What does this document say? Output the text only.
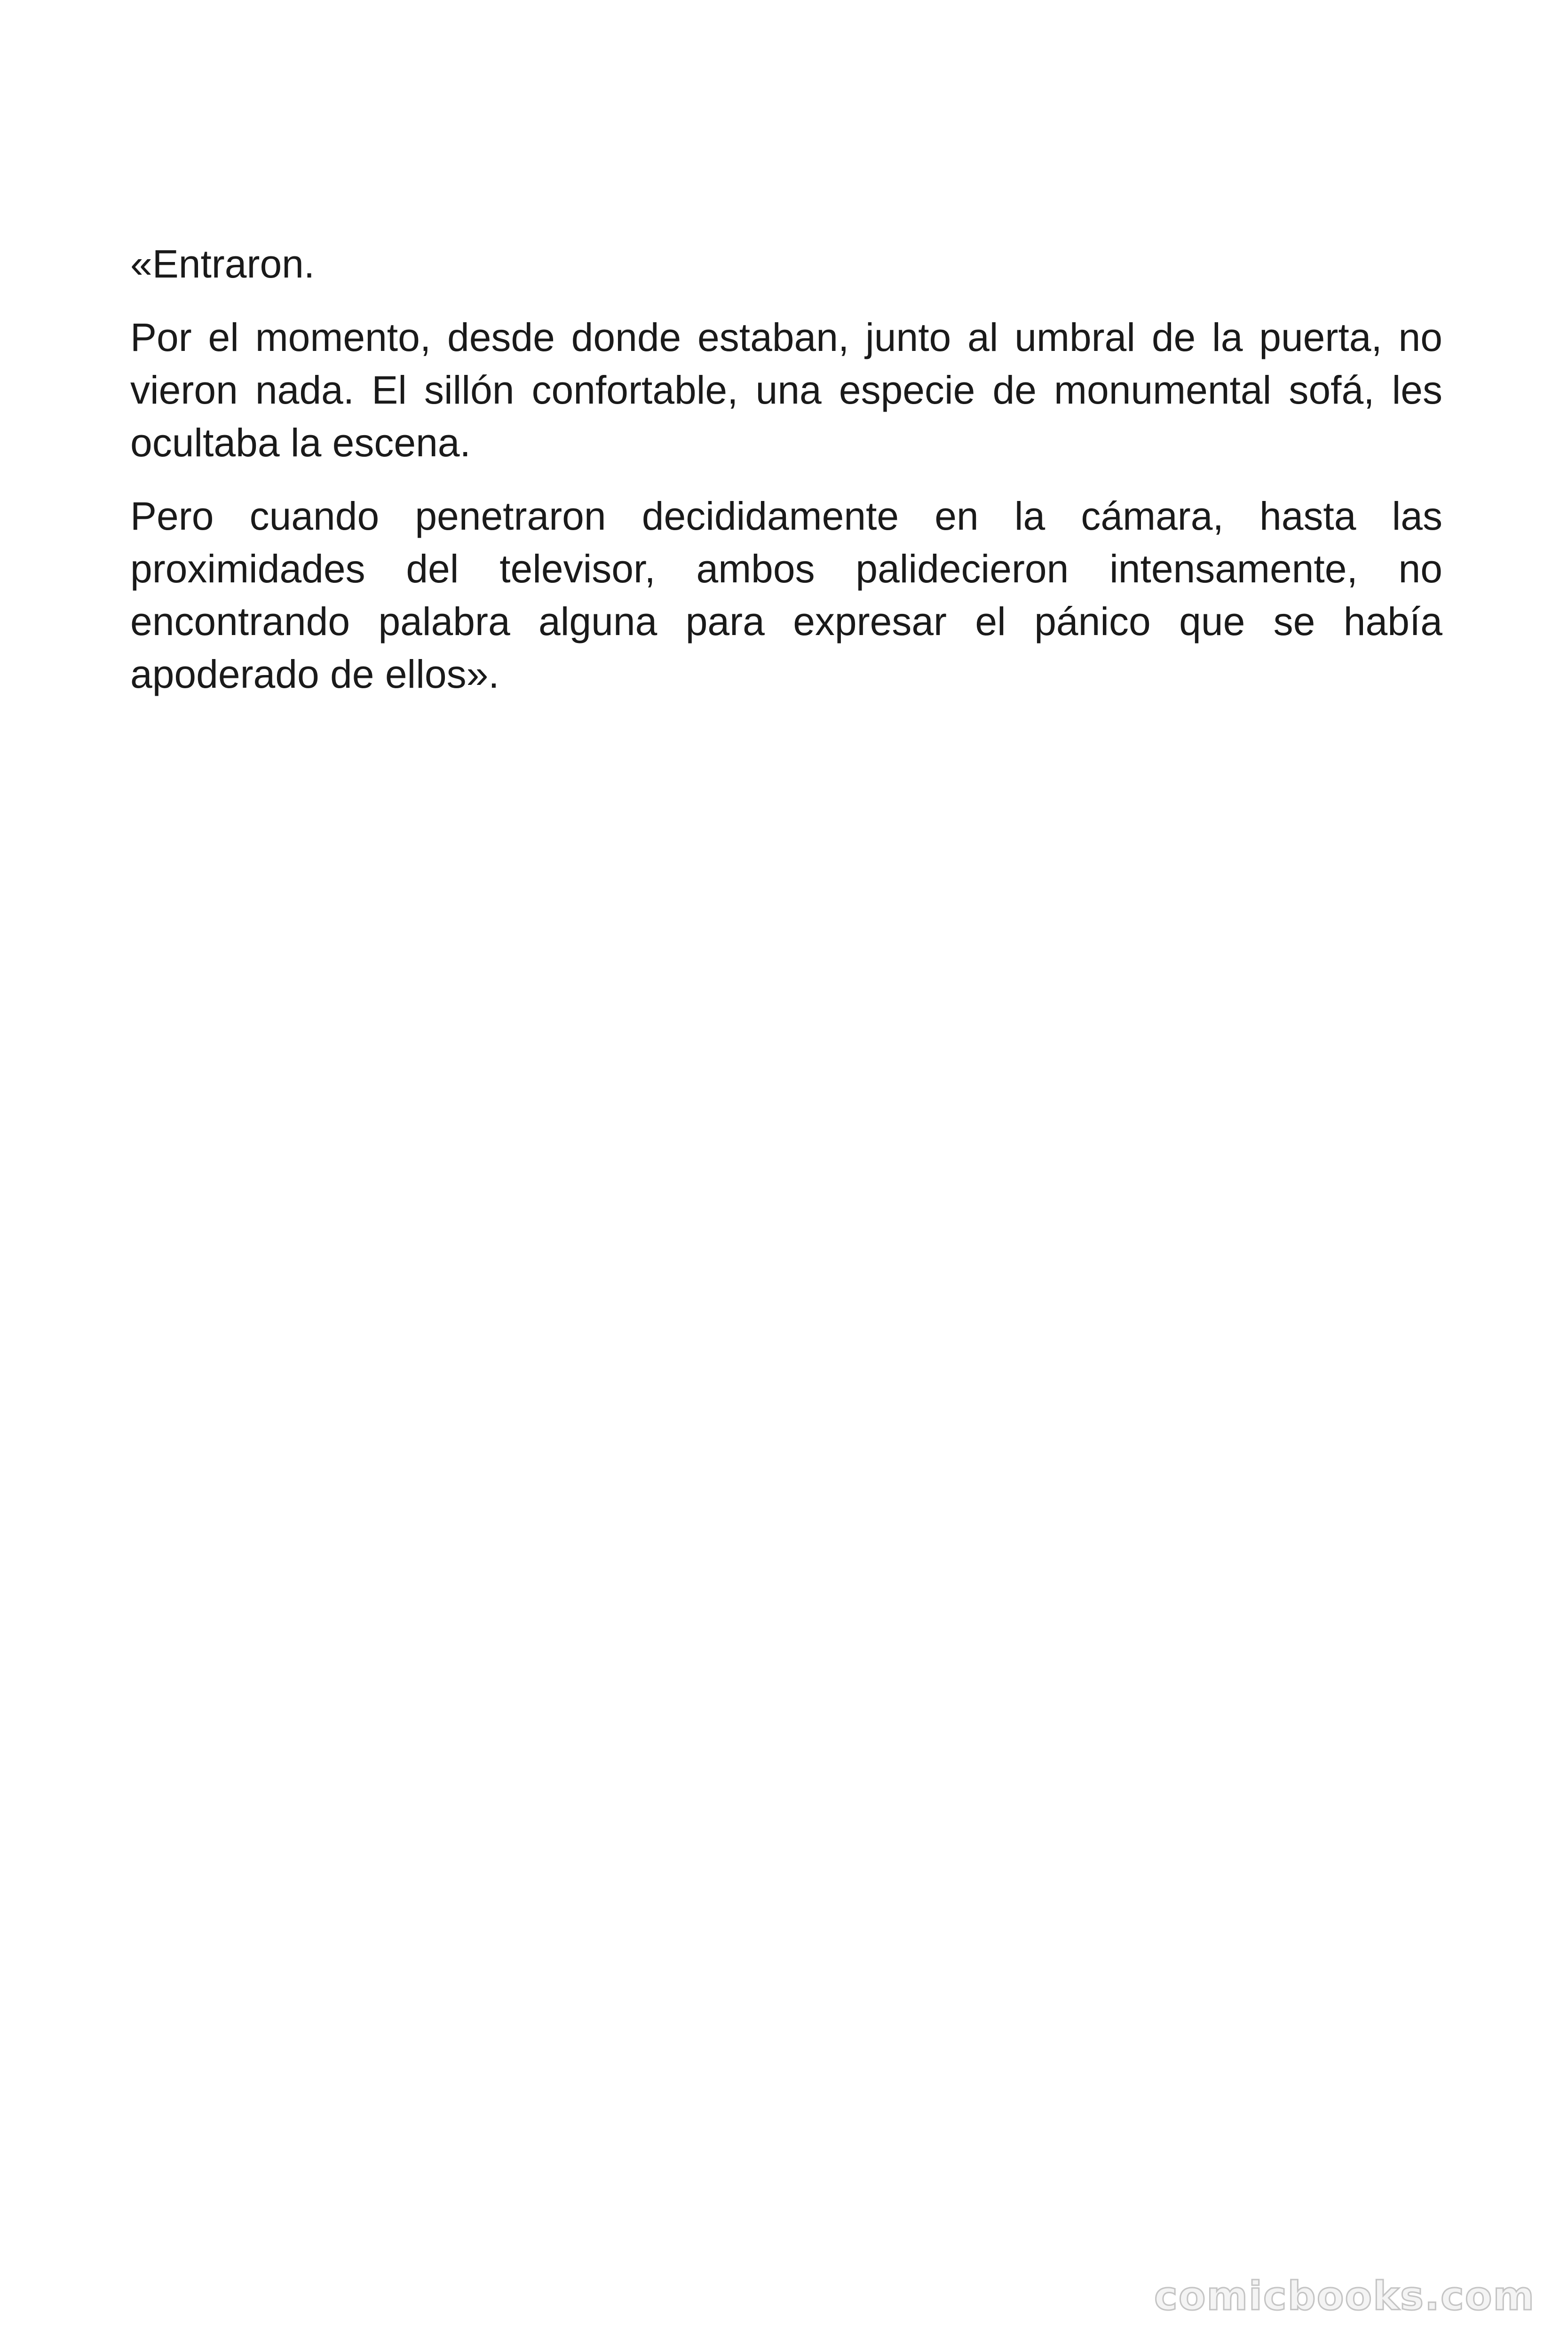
«Entraron.

Por el momento, desde donde estaban, junto al umbral de la puerta, no vieron nada. El sillón confortable, una especie de monumental sofá, les ocultaba la escena.

Pero cuando penetraron decididamente en la cámara, hasta las proximidades del televisor, ambos palidecieron intensamente, no encontrando palabra alguna para expresar el pánico que se había apoderado de ellos».

comicbooks.com
